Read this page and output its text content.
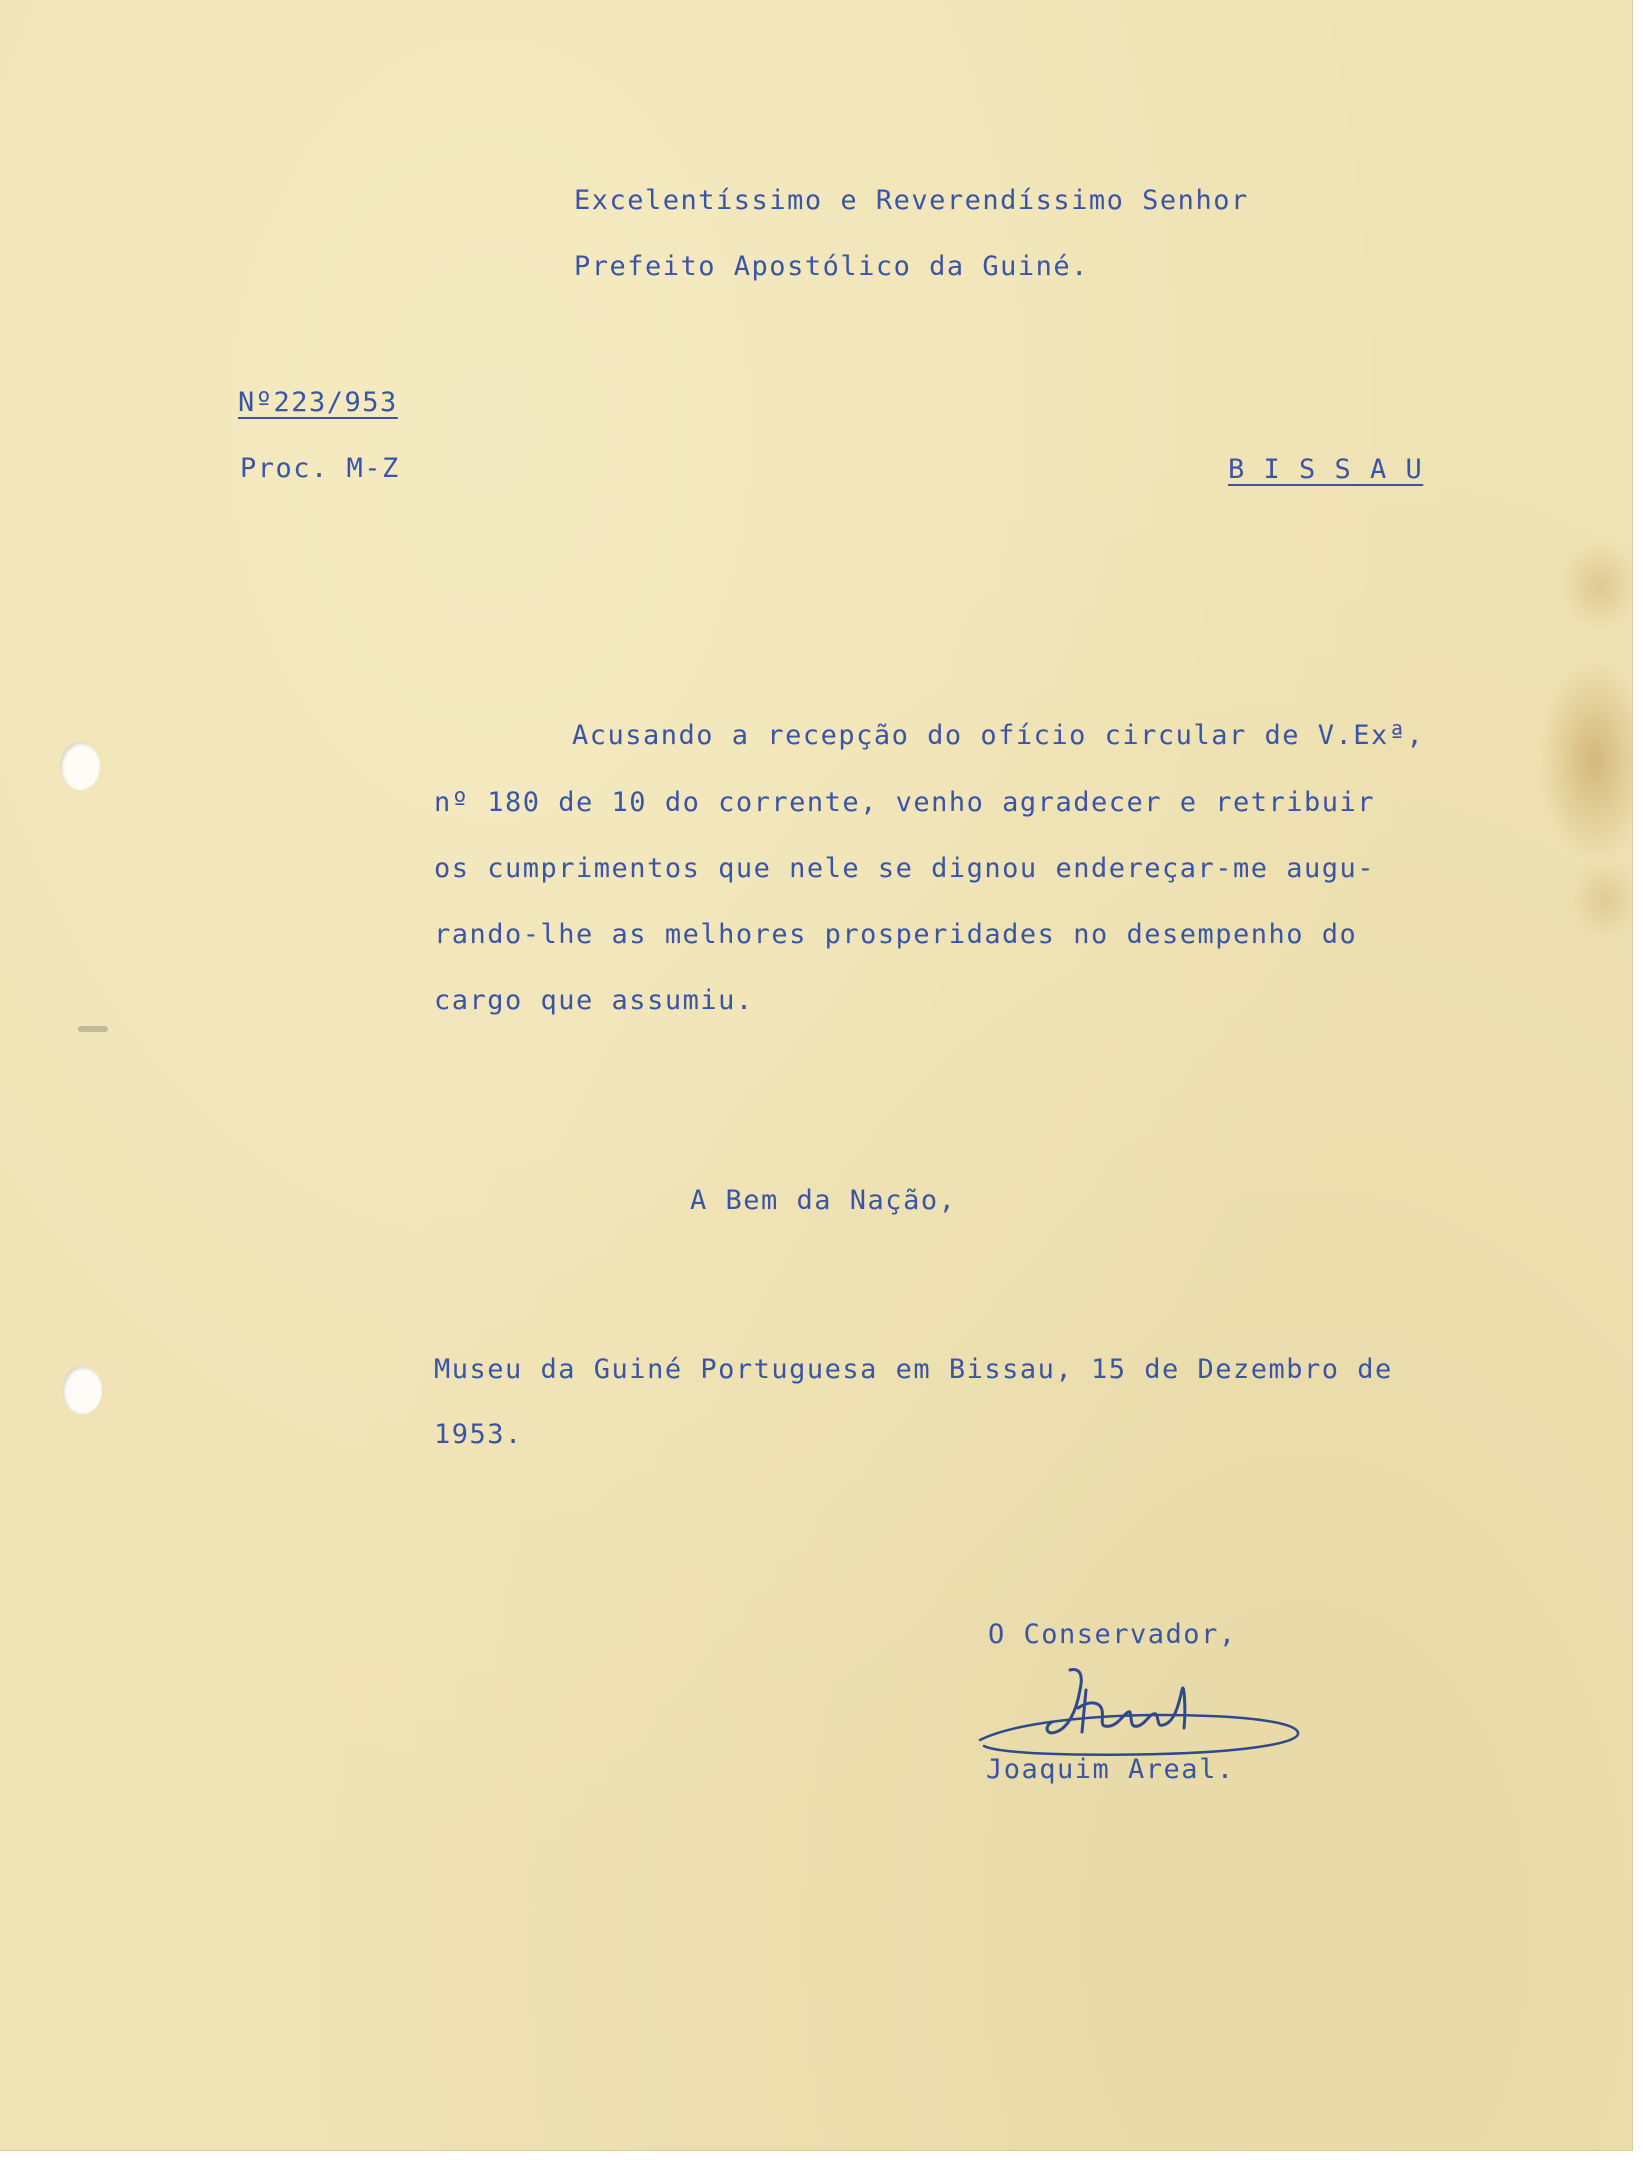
Excelentíssimo e Reverendíssimo Senhor
Prefeito Apostólico da Guiné.
Nº223/953
Proc. M-Z	B I S S A U
Acusando a recepção do ofício circular de V.Exª,
nº 180 de 10 do corrente, venho agradecer e retribuir
os cumprimentos que nele se dignou endereçar-me augu-
rando-lhe as melhores prosperidades no desempenho do
cargo que assumiu.
A Bem da Nação,
Museu da Guiné Portuguesa em Bissau, 15 de Dezembro de
1953.
O Conservador,
Joaquim Areal.
